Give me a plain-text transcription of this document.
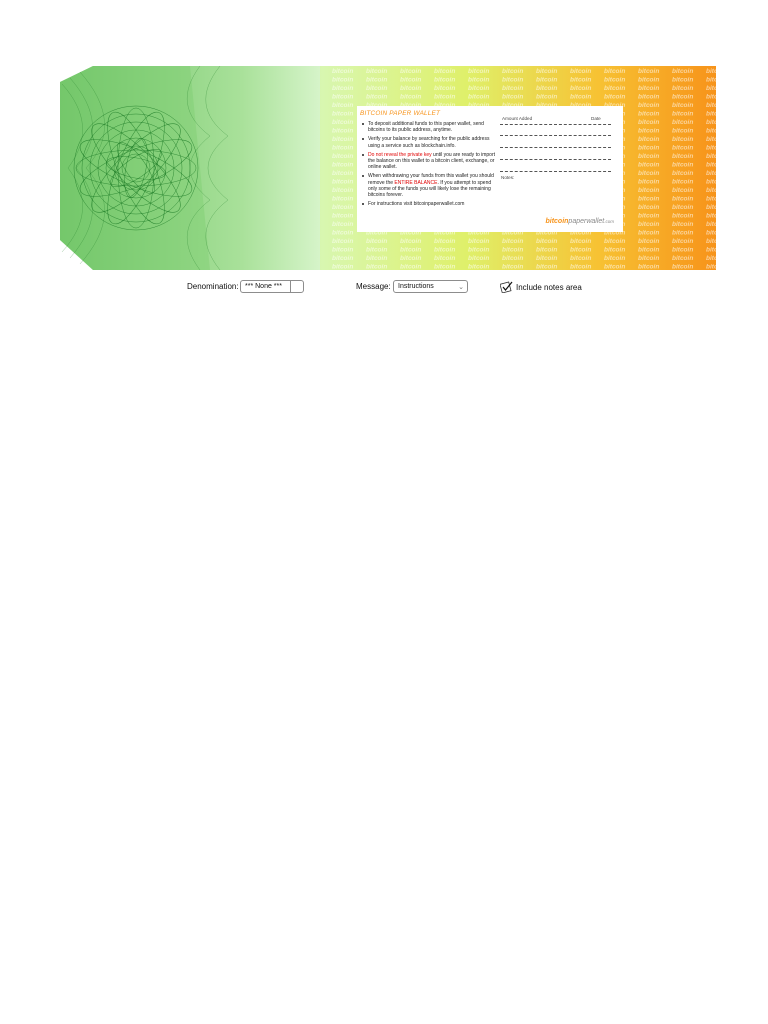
BITCOIN PAPER WALLET
To deposit additional funds to this paper wallet, send bitcoins to its public address, anytime.
Verify your balance by searching for the public address using a service such as blockchain.info.
Do not reveal the private key until you are ready to import the balance on this wallet to a bitcoin client, exchange, or online wallet.
When withdrawing your funds from this wallet you should remove the ENTIRE BALANCE. If you attempt to spend only some of the funds you will likely lose the remaining bitcoins forever.
For instructions visit bitcoinpaperwallet.com
Amount Added	Date
Notes:
bitcoinpaperwallet.com
Denomination: *** None ***	Message: Instructions	⌄	Include notes area
